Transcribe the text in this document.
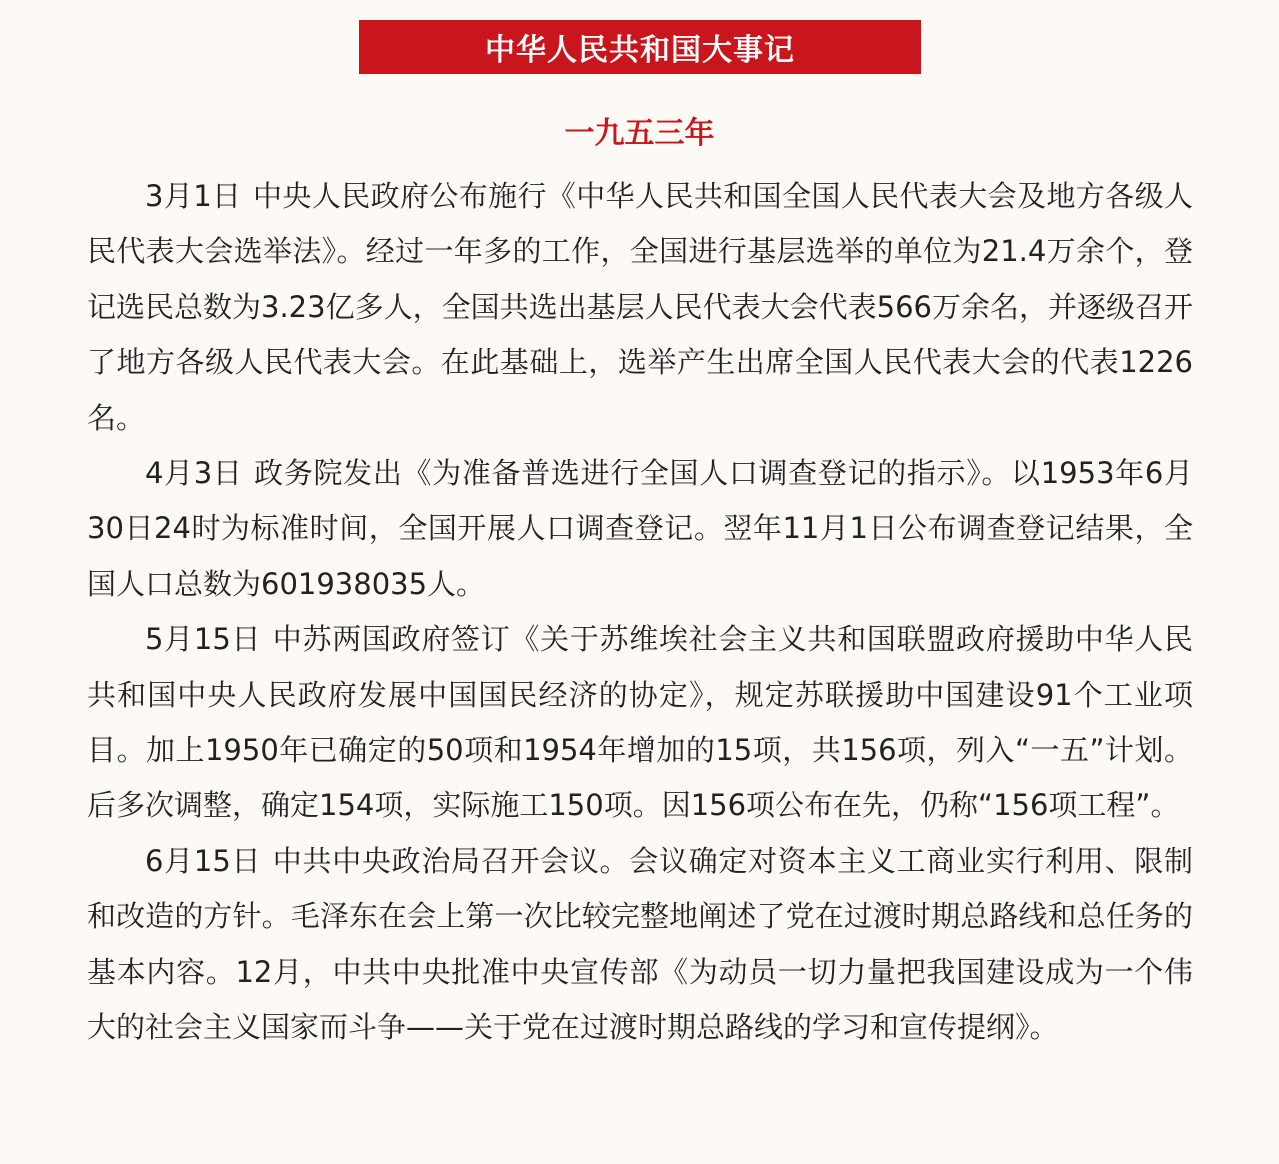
中华人民共和国大事记
一九五三年

3月1日 中央人民政府公布施行《中华人民共和国全国人民代表大会及地方各级人民代表大会选举法》。经过一年多的工作，全国进行基层选举的单位为21.4万余个，登记选民总数为3.23亿多人，全国共选出基层人民代表大会代表566万余名，并逐级召开了地方各级人民代表大会。在此基础上，选举产生出席全国人民代表大会的代表1226名。

4月3日 政务院发出《为准备普选进行全国人口调查登记的指示》。以1953年6月30日24时为标准时间，全国开展人口调查登记。翌年11月1日公布调查登记结果，全国人口总数为601938035人。

5月15日 中苏两国政府签订《关于苏维埃社会主义共和国联盟政府援助中华人民共和国中央人民政府发展中国国民经济的协定》，规定苏联援助中国建设91个工业项目。加上1950年已确定的50项和1954年增加的15项，共156项，列入“一五”计划。后多次调整，确定154项，实际施工150项。因156项公布在先，仍称“156项工程”。

6月15日 中共中央政治局召开会议。会议确定对资本主义工商业实行利用、限制和改造的方针。毛泽东在会上第一次比较完整地阐述了党在过渡时期总路线和总任务的基本内容。12月，中共中央批准中央宣传部《为动员一切力量把我国建设成为一个伟大的社会主义国家而斗争——关于党在过渡时期总路线的学习和宣传提纲》。
